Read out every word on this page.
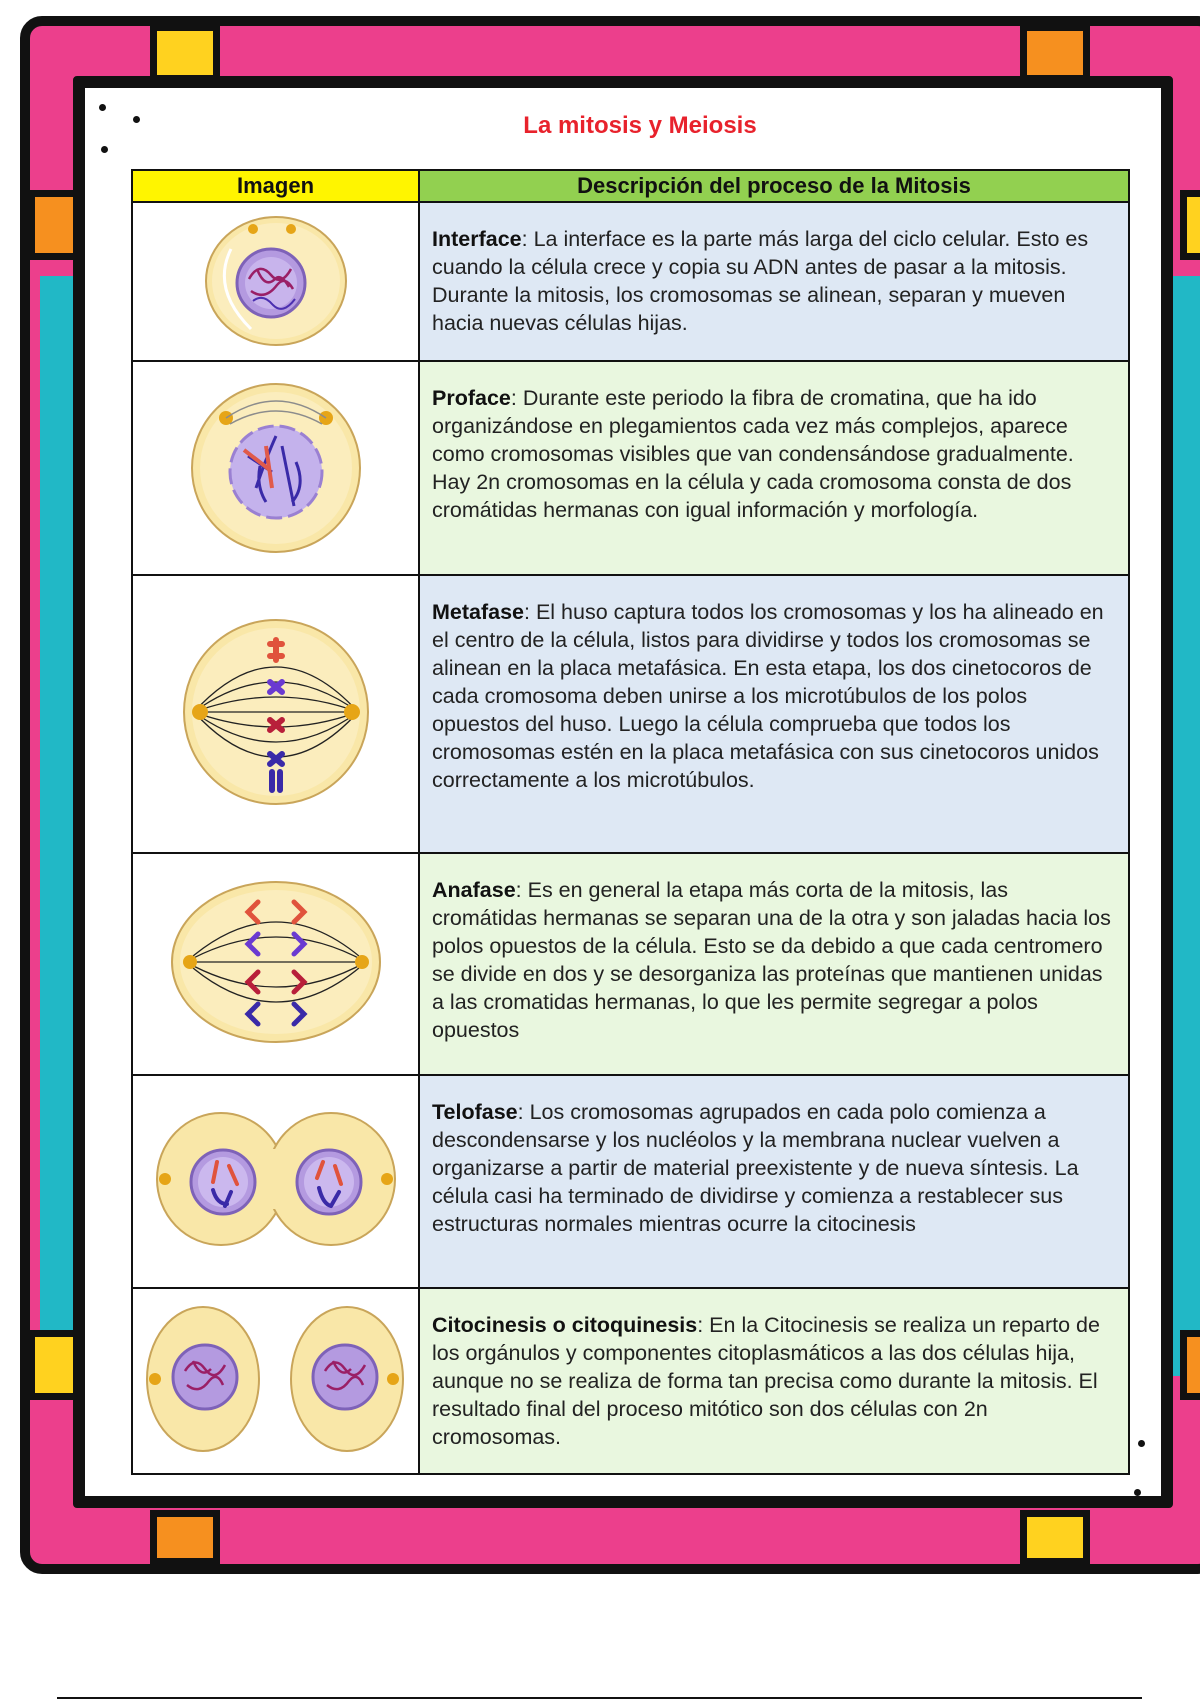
La mitosis y Meiosis
Imagen	Descripción del proceso de la Mitosis
	Interface: La interface es la parte más larga del ciclo celular. Esto es cuando la célula crece y copia su ADN antes de pasar a la mitosis. Durante la mitosis, los cromosomas se alinean, separan y mueven hacia nuevas células hijas.
	Proface: Durante este periodo la fibra de cromatina, que ha ido organizándose en plegamientos cada vez más complejos, aparece como cromosomas visibles que van condensándose gradualmente. Hay 2n cromosomas en la célula y cada cromosoma consta de dos cromátidas hermanas con igual información y morfología.
	Metafase: El huso captura todos los cromosomas y los ha alineado en el centro de la célula, listos para dividirse y todos los cromosomas se alinean en la placa metafásica. En esta etapa, los dos cinetocoros de cada cromosoma deben unirse a los microtúbulos de los polos opuestos del huso. Luego la célula comprueba que todos los cromosomas estén en la placa metafásica con sus cinetocoros unidos correctamente a los microtúbulos.
	Anafase: Es en general la etapa más corta de la mitosis, las cromátidas hermanas se separan una de la otra y son jaladas hacia los polos opuestos de la célula. Esto se da debido a que cada centromero se divide en dos y se desorganiza las proteínas que mantienen unidas a las cromatidas hermanas, lo que les permite segregar a polos opuestos
	Telofase: Los cromosomas agrupados en cada polo comienza a descondensarse y los nucléolos y la membrana nuclear vuelven a organizarse a partir de material preexistente y de nueva síntesis. La célula casi ha terminado de dividirse y comienza a restablecer sus estructuras normales mientras ocurre la citocinesis
	Citocinesis o citoquinesis: En la Citocinesis se realiza un reparto de los orgánulos y componentes citoplasmáticos a las dos células hija, aunque no se realiza de forma tan precisa como durante la mitosis. El resultado final del proceso mitótico son dos células con 2n cromosomas.
